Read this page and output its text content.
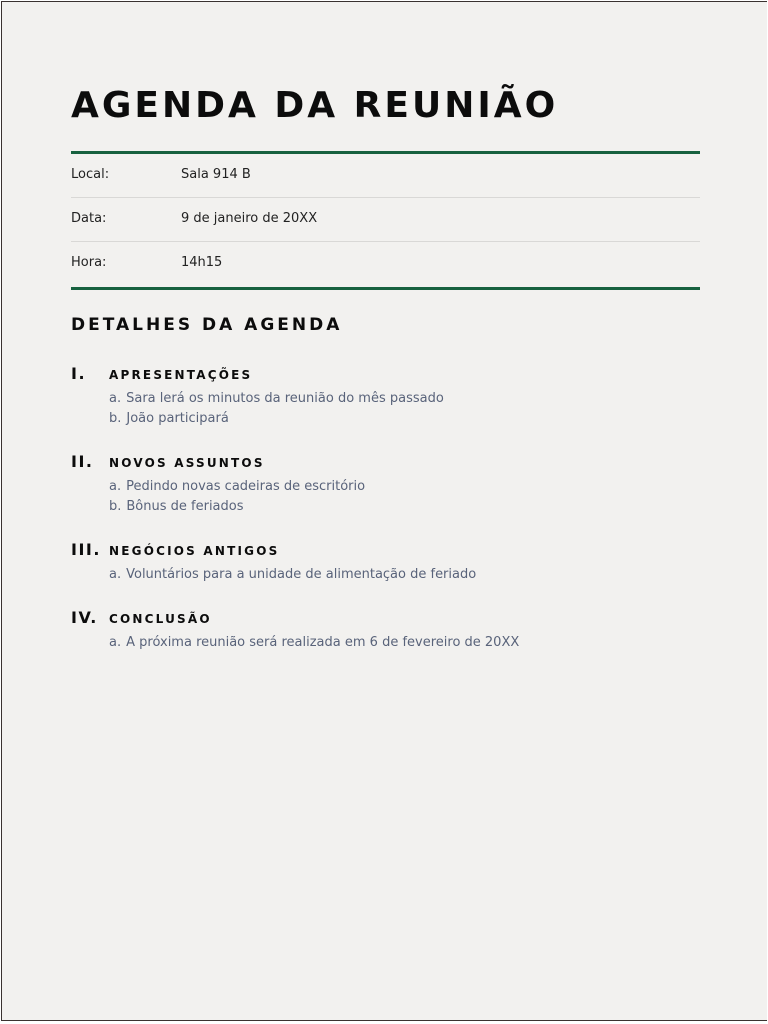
AGENDA DA REUNIÃO
Local:	Sala 914 B
Data:	9 de janeiro de 20XX
Hora:	14h15
DETALHES DA AGENDA
I. APRESENTAÇÕES
a. Sara lerá os minutos da reunião do mês passado
b. João participará
II. NOVOS ASSUNTOS
a. Pedindo novas cadeiras de escritório
b. Bônus de feriados
III. NEGÓCIOS ANTIGOS
a. Voluntários para a unidade de alimentação de feriado
IV. CONCLUSÃO
a. A próxima reunião será realizada em 6 de fevereiro de 20XX
